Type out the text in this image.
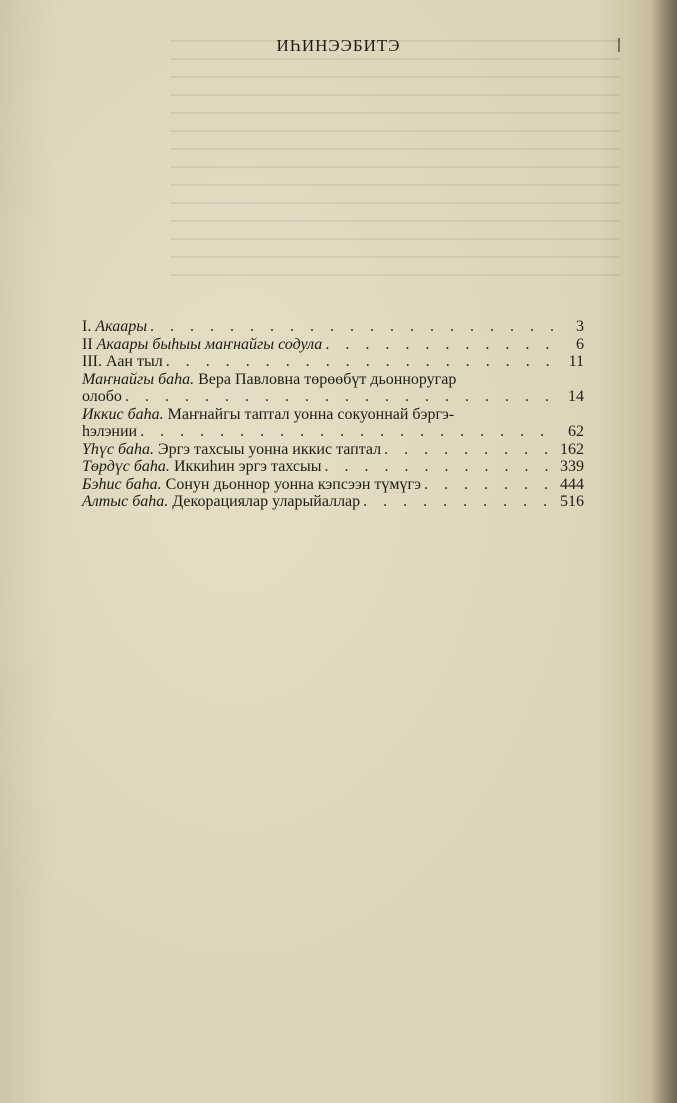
ИҺИНЭЭБИТЭ
I.
Акаары . . .	3
II
Акаары быһыы маҥнайгы содула . . .	6
III.
Аан тыл . . .	11
Маҥнайгы баһа.
Вера Павловна төрөөбүт дьонноругар
олобо . . .	14
Иккис баһа.
Маҥнайгы таптал уонна сокуоннай бэргэ-
һэлэнии . . .	62
Үһүс баһа.
Эргэ тахсыы уонна иккис таптал . . .	162
Төрдүс баһа.
Иккиһин эргэ тахсыы . . .	339
Бэһис баһа.
Сонун дьоннор уонна кэпсээн түмүгэ . . .	444
Алтыс баһа.
Декорациялар уларыйаллар . . .	516
